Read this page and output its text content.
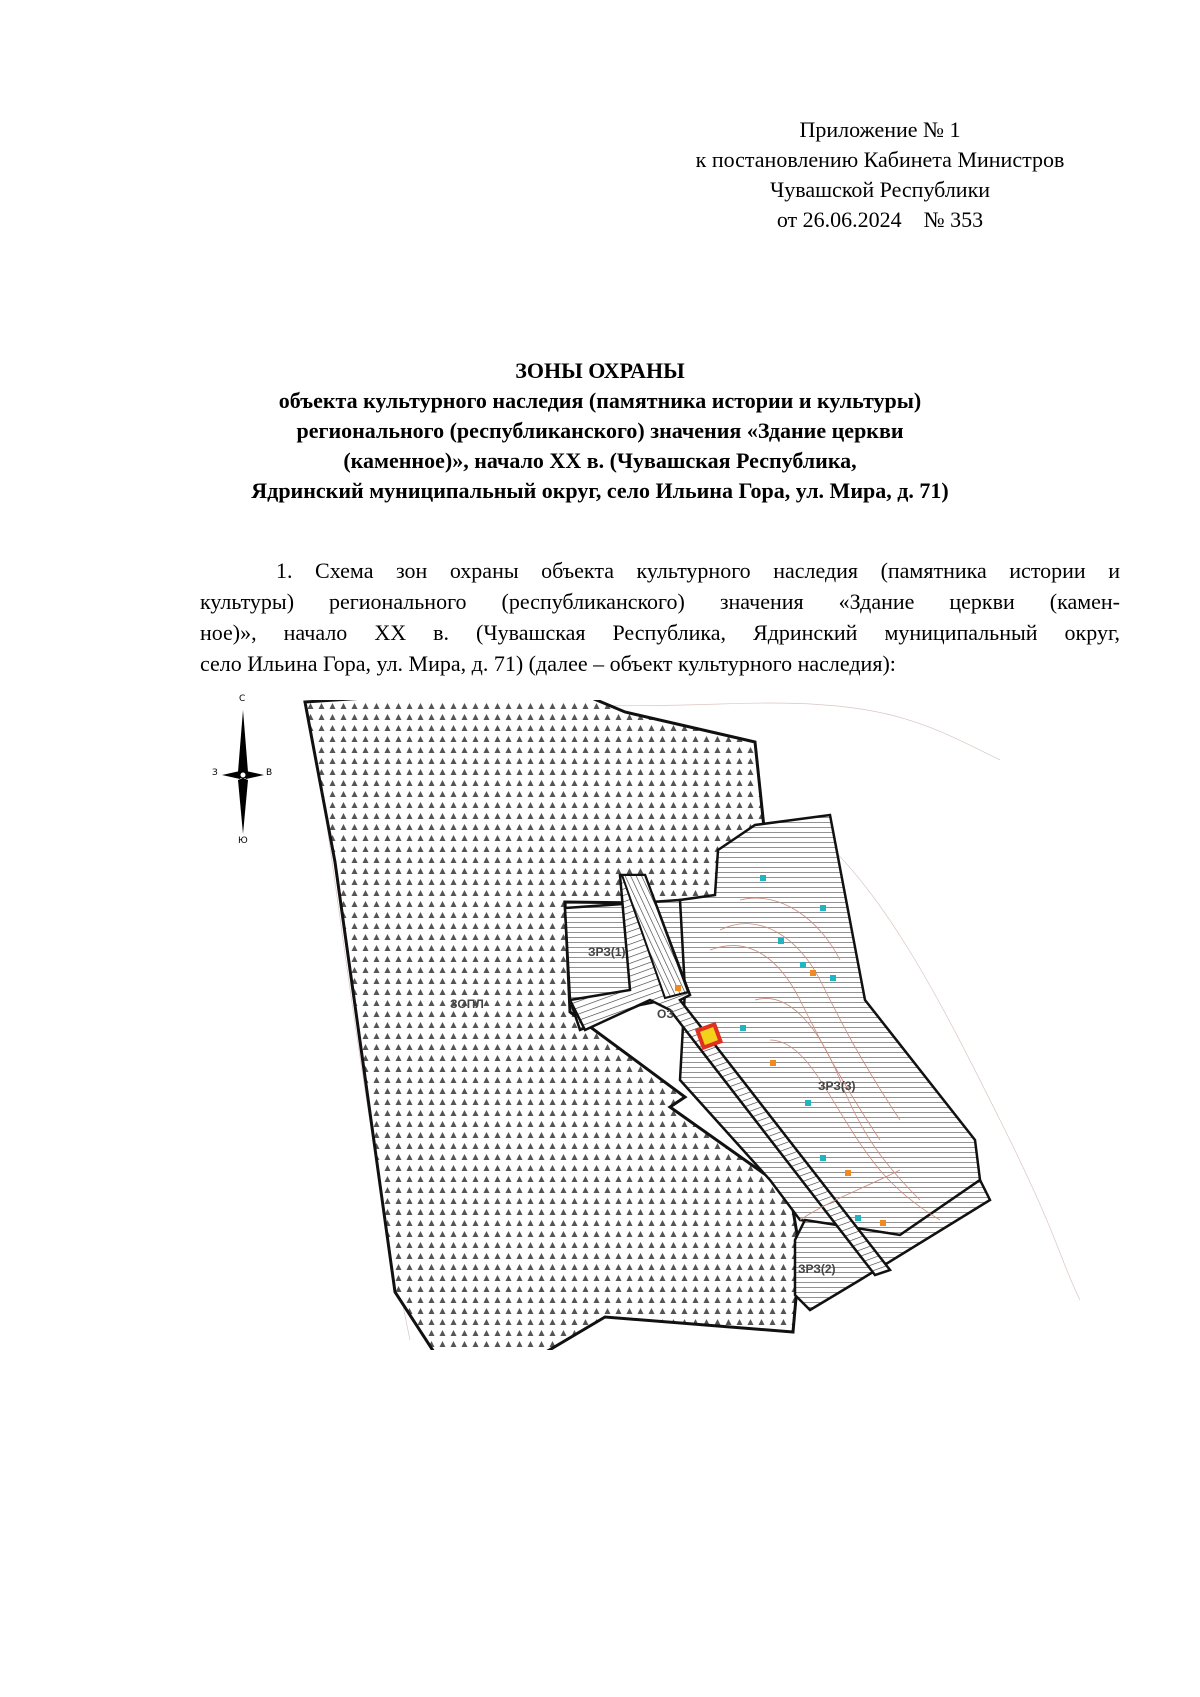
Приложение № 1
к постановлению Кабинета Министров
Чувашской Республики
от 26.06.2024    № 353
ЗОНЫ ОХРАНЫ
объекта культурного наследия (памятника истории и культуры)
регионального (республиканского) значения «Здание церкви
(каменное)», начало XX в. (Чувашская Республика,
Ядринский муниципальный округ, село Ильина Гора, ул. Мира, д. 71)
1. Схема зон охраны объекта культурного наследия (памятника истории и
культуры) регионального (республиканского) значения «Здание церкви (камен-
ное)», начало XX в. (Чувашская Республика, Ядринский муниципальный округ,
село Ильина Гора, ул. Мира, д. 71) (далее – объект культурного наследия):
С
З	В
Ю
ЗОПЛ
ОЗ
ЗРЗ(1)
ЗРЗ(3)
ЗРЗ(2)
